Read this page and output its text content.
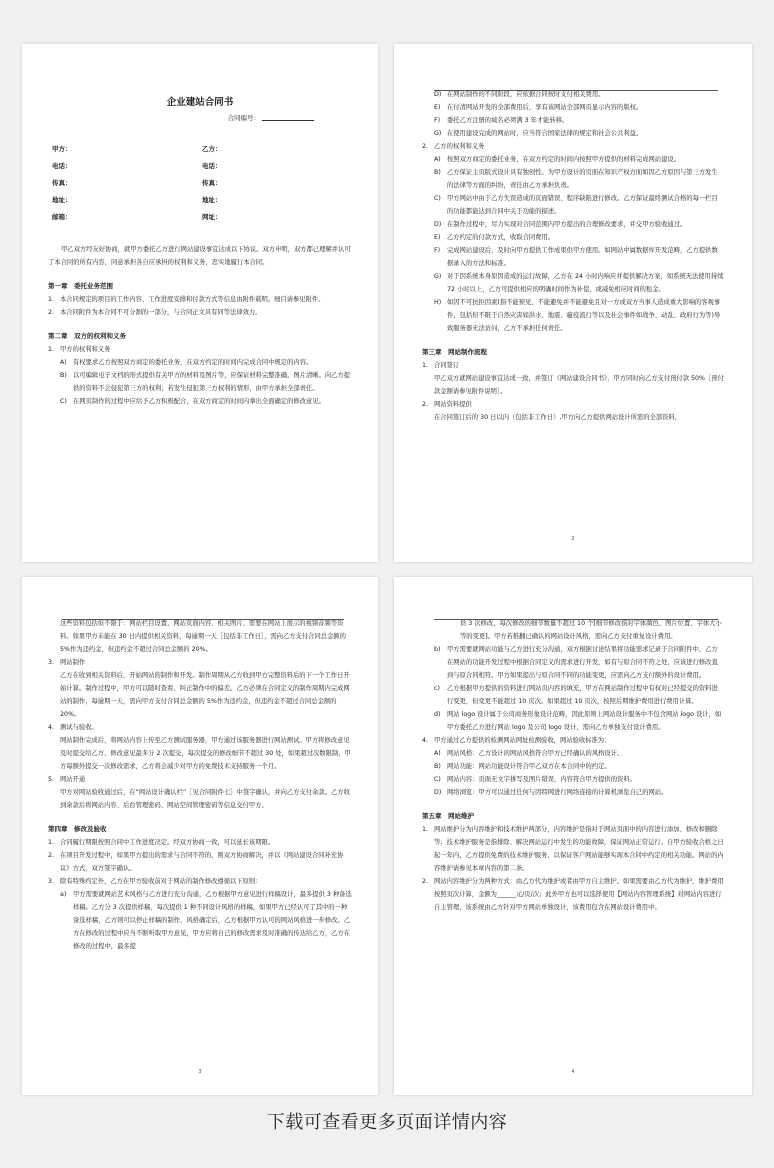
企业建站合同书
合同编号：
甲方：	乙方：
电话：	电话：
传真：	传真：
地址：	地址：
邮箱：	网址：

甲乙双方经友好协商，就甲方委托乙方进行网站建设事宜达成以下协议。双方申明，双方都已理解并认可了本合同的所有内容，同意承担各自应承担的权利和义务，忠实地履行本合同。

第一章　委托业务范围
1. 本合同规定的项目的工作内容、工作进度安排和付款方式等信息由附件载明。细目请参见附件。
2. 本合同附件为本合同不可分割的一部分，与合同正文具有同等法律效力。
第二章　双方的权利和义务
1. 甲方的权利和义务
A) 有权要求乙方按照双方商定的委托业务，在双方约定的时间内完成合同中规定的内容。
B) 以可编辑电子文档的形式提供有关甲方的材料及图片等，应保证材料完整准确，图片清晰。向乙方提供的资料不会侵犯第三方的权利；若发生侵犯第三方权利的情形，由甲方承担全部责任。
C) 在网页制作的过程中应给予乙方积极配合，在双方商定的时间内拿出全面确定的修改意见。
D) 在网站制作的不同阶段，应依据合同按时支付相关费用。
E)	在付清网站开发的全部费用后，享有该网站全部网页显示内容的版权。
F)	委托乙方注册的域名必须满 3 年才能转移。
G) 在使用建设完成的网站时，应当符合国家法律的规定和社会公共利益。
2. 乙方的权利和义务
A) 按照双方商定的委托业务，在双方约定的时间内按照甲方提供的材料完成网站建设。
B) 乙方保证主页版式设计具有独创性。为甲方设计的页面在知识产权方面如因乙方原因与第三方发生的法律等方面的纠纷，责任由乙方承担负责。
C) 甲方网站中由于乙方失误造成的页面错误、程序缺陷进行修改。乙方保证最终测试合格的每一栏目的功能都能达到合同中关于功能的描述。
D) 在制作过程中，尽力实现对合同范围内甲方提出的合理修改要求，并交甲方验收通过。
E)	乙方约定的付款方式，收取合同费用。
F)	完成网站建设后，及时向甲方提供工作成果供甲方使用。如网站中属数据库开发范畴，乙方提供数据录入的方法和标准。
G) 对于因系统本身原因造成的运行故障，乙方在 24 小时内响应并提供解决方案，如系统无法使用持续 72 小时以上，乙方可提供相应的明确时间作为补偿，或减免相应时间的租金。
H) 如因不可抗拒因素(指不能预见、不能避免并不能避免且对一方或双方当事人造成重大影响的客观事件，包括但不限于自然灾害如洪水、地震、瘟疫流行等以及社会事件如战争、动乱、政府行为等)导致服务器无法访问，乙方不承担任何责任。
第三章　网站制作流程
1. 合同签订
甲乙双方就网站建设事宜达成一致，并签订《网站建设合同书》，甲方同时向乙方支付预付款 50%［预付款金额请参见附件说明］。
2. 网站资料提供
在合同签订后的 30 日以内（包括非工作日）,甲方向乙方提供网站设计所需的全部资料，
2
这些资料包括但不限于：网站栏目设置、网站页面内容、相关图片、需要在网站上展示的视频音频等资料。如果甲方未能在 30 日内提供相关资料，每逾期一天［包括非工作日］，需向乙方支付合同总金额的 5%作为违约金，但违约金不超过合同总金额的 20%。
3. 网站制作
乙方在收到相关资料后，开始网站的制作和开发。制作周期从乙方收到甲方完整资料后的下一个工作日开始计算。制作过程中，甲方可以随时查看、纠正制作中的偏差。乙方必须在合同定义的制作周期内完成网站的制作，每逾期一天，需向甲方支付合同总金额的 5%作为违约金，但违约金不超过合同总金额的 20%。
4. 测试与验收。
网站制作完成后，将网站内容上传至乙方测试服务器，甲方通过该服务器进行网站测试。甲方将修改意见及时提交给乙方，修改意见最多分 2 次提交，每次提交的修改细节不超过 30 处，如果超过次数限制，甲方每额外提交一次修改需求，乙方将会减少对甲方的免费技术支持服务一个月。
5. 网站开通
甲方对网站验收通过后，在“网站设计确认栏”［见合同附件七］中签字确认，并向乙方支付余款。乙方收到余款后将网站内容、后台管理密码、网站空间管理密码等信息交付甲方。
第四章　修改及验收
1. 合同履行期限按照合同中工作进度决定。经双方协商一致，可以延长该期限。
2. 在项目开发过程中，如果甲方提出的需求与合同不符的，则双方协商解决，并以《网站建设合同补充协议》方式，双方签字确认。
3. 除有特殊约定外，乙方在甲方验收前对于网站的制作修改遵循以下原则：
a)	甲方需要就网站艺术风格与乙方进行充分沟通，乙方根据甲方意见进行样稿设计，最多提供 3 种备选样稿。乙方分 3 次提供样稿，每次提供 1 种不同设计风格的样稿，如果甲方已经认可了其中的一种备选样稿，乙方则可以停止样稿的制作，风格确定后，乙方根据甲方认可的网站风格进一步修改。乙方在修改的过程中应当不断听取甲方意见，甲方应将自己的修改需求及时准确的传达给乙方，乙方在修改的过程中，最多提
3
供 3 次修改，每次修改的细节数量不超过 10 个[细节修改指对字体颜色、图片位置、字体大小等的变更]。甲方若推翻已确认的网站设计风格，需向乙方支付重复设计费用。
b)	甲方需要就网站功能与乙方进行充分沟通，双方根据讨论结果将功能需求记录于合同附件中，乙方在网站的功能开发过程中根据合同定义的需求进行开发，如有与原合同不符之处，应该进行修改直到与原合同相符。甲方如果提出与原合同不同的功能变更，应需向乙方支付额外的设计费用。
c)	乙方根据甲方提供的资料进行网站页内容的填充，甲方在网站制作过程中有权对已经提交的资料进行变更，但变更不能超过 10 页次。如果超过 10 页次，按照后期维护费用进行费用计算。
d)	网站 logo 设计属于公司商务形象设计范畴，因此原则上网站设计服务中不包含网站 logo 设计，如甲方委托乙方进行网站 logo 及公司 logo 设计，需向乙方单独支付设计费用。
4. 甲方通过乙方提供的检测网站网址检测验收，网站验收标准为：
A) 网站风格：乙方设计的网站风格符合甲方已经确认的风格设计。
B) 网站功能：网站功能设计符合甲乙双方在本合同中的约定。
C) 网站内容：页面无文字拼写及图片错误，内容符合甲方提供的资料。
D) 网络浏览：甲方可以通过任何与因特网进行网络连接的计算机浏览自己的网站。
第五章　网站维护
1. 网站维护分为内容维护和技术维护两部分，内容维护是指对于网站页面中的内容进行添加、修改和删除等；技术维护服务是指排除、解决网站运行中发生的功能故障，保证网站正常运行。自甲方验收合格之日起一年内，乙方提供免费的技术维护服务，以保证客户网站能够实现本合同中约定的相关功能。网站的内容维护请参见本章内容的第二条。
2. 网站内容维护分为两种方式：由乙方代为维护或者由甲方自主维护。如果需要由乙方代为维护，维护费用按照页次计算，金额为______元/页/次；此外甲方也可以选择使用【网站内容管理系统】对网站内容进行自主管理，该系统由乙方针对甲方网站单独设计，该费用包含在网站设计费用中。
4
下载可查看更多页面详情内容
